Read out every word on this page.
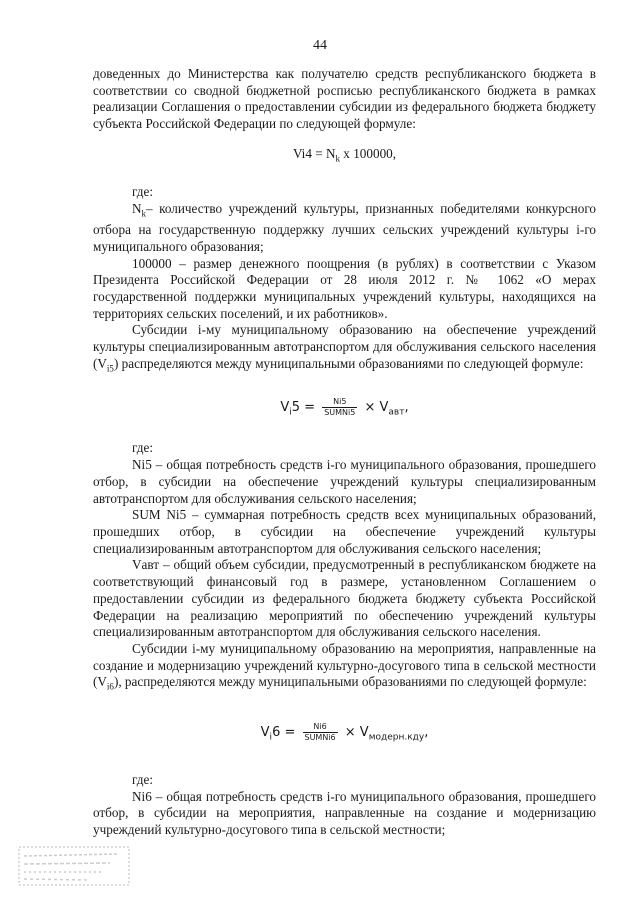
44

доведенных до Министерства как получателю средств республиканского бюджета в соответствии со сводной бюджетной росписью республиканского бюджета в рамках реализации Соглашения о предоставлении субсидии из федерального бюджета бюджету субъекта Российской Федерации по следующей формуле:

$Vi4 = N_k$ х 100000,

где:

$N_k-$ количество учреждений культуры, признанных победителями конкурсного отбора на государственную поддержку лучших сельских учреждений культуры i-го муниципального образования;

100000 – размер денежного поощрения (в рублях) в соответствии с Указом Президента Российской Федерации от 28 июля 2012 г. № 1062 «О мерах государственной поддержки муниципальных учреждений культуры, находящихся на территориях сельских поселений, и их работников».

Субсидии i-му муниципальному образованию на обеспечение учреждений культуры специализированным автотранспортом для обслуживания сельского населения $(V_{i5})$ распределяются между муниципальными образованиями по следующей формуле:

$V_i5 = \frac{Ni5}{\text{SUMNi5}} \times V_{авт}$,

где:

Ni5 – общая потребность средств i-го муниципального образования, прошедшего отбор, в субсидии на обеспечение учреждений культуры специализированным автотранспортом для обслуживания сельского населения;

SUM Ni5 – суммарная потребность средств всех муниципальных образований, прошедших отбор, в субсидии на обеспечение учреждений культуры специализированным автотранспортом для обслуживания сельского населения;

Vавт – общий объем субсидии, предусмотренный в республиканском бюджете на соответствующий финансовый год в размере, установленном Соглашением о предоставлении субсидии из федерального бюджета бюджету субъекта Российской Федерации на реализацию мероприятий по обеспечению учреждений культуры специализированным автотранспортом для обслуживания сельского населения.

Субсидии i-му муниципальному образованию на мероприятия, направленные на создание и модернизацию учреждений культурно-досугового типа в сельской местности $(V_{i6})$, распределяются между муниципальными образованиями по следующей формуле:

$V_i6 = \frac{Ni6}{\text{SUMNi6}} \times V_{модерн.кду}$,

где:

Ni6 – общая потребность средств i-го муниципального образования, прошедшего отбор, в субсидии на мероприятия, направленные на создание и модернизацию учреждений культурно-досугового типа в сельской местности;
